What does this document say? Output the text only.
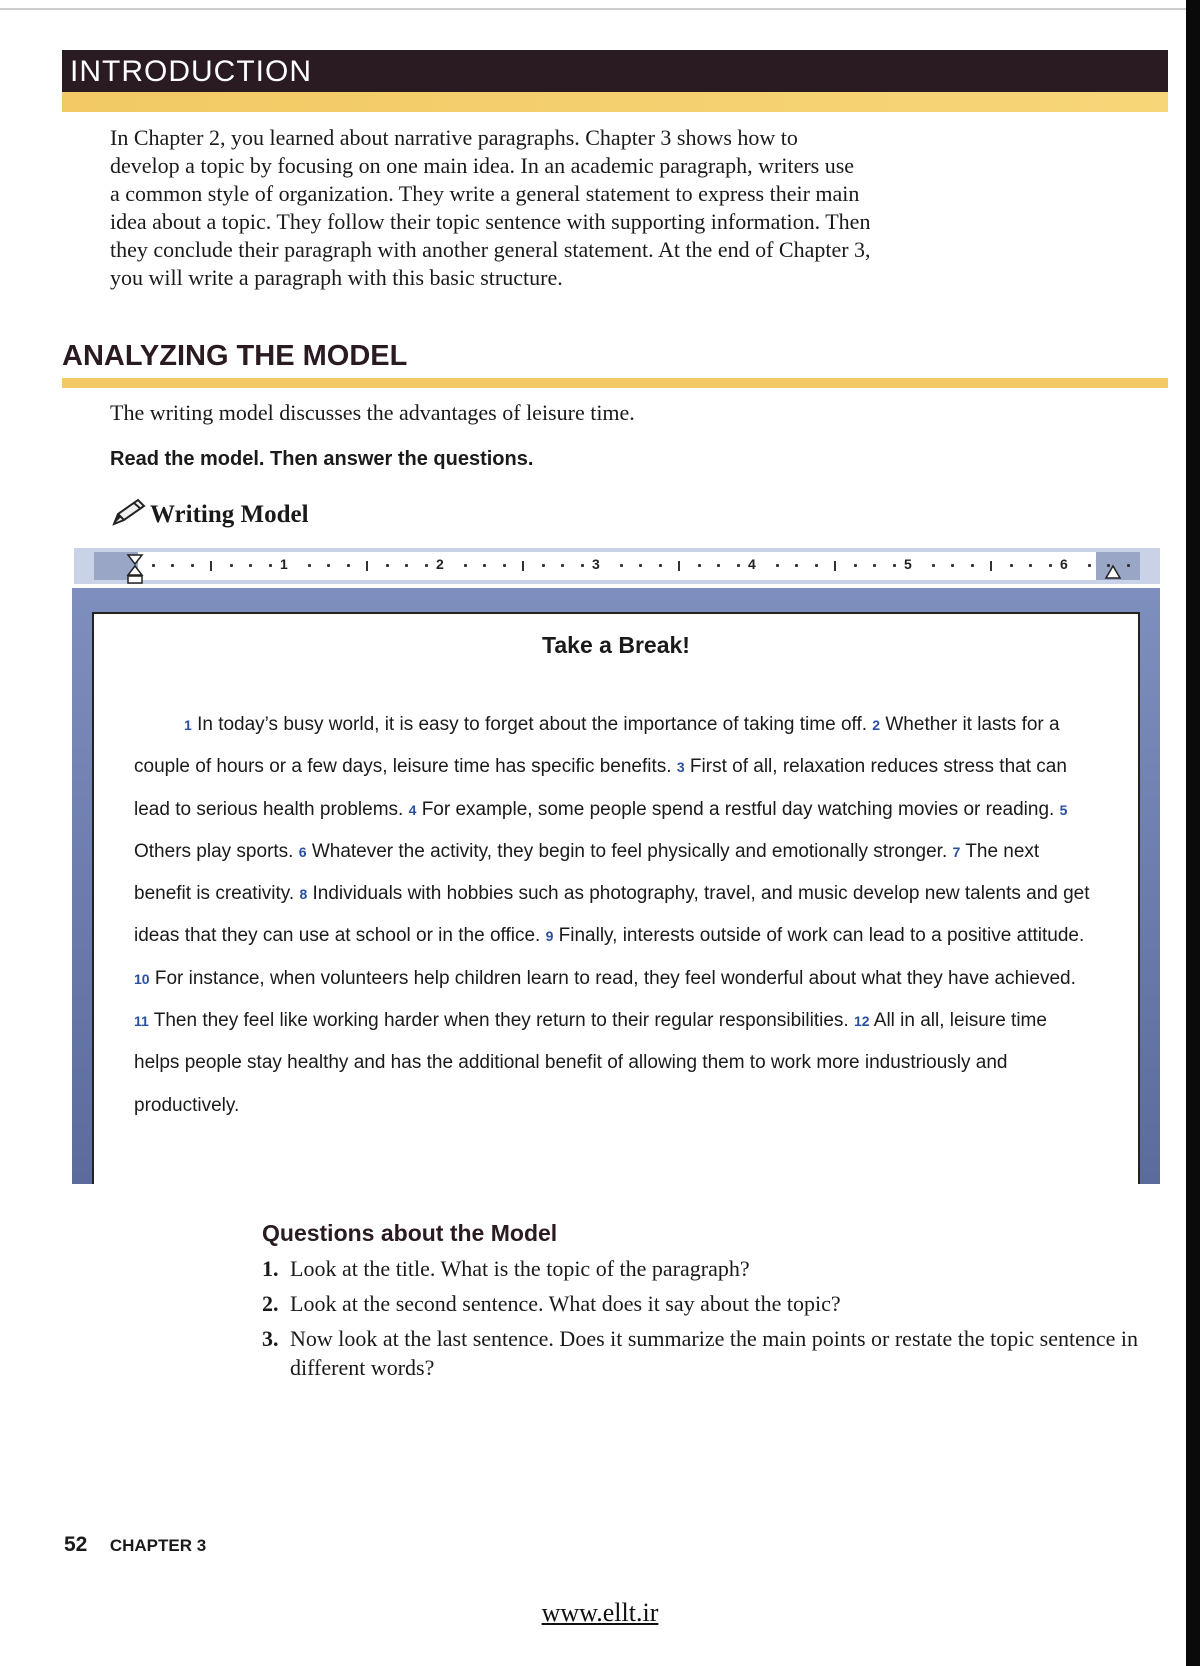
INTRODUCTION
In Chapter 2, you learned about narrative paragraphs. Chapter 3 shows how to
develop a topic by focusing on one main idea. In an academic paragraph, writers use
a common style of organization. They write a general statement to express their main
idea about a topic. They follow their topic sentence with supporting information. Then
they conclude their paragraph with another general statement. At the end of Chapter 3,
you will write a paragraph with this basic structure.
ANALYZING THE MODEL
The writing model discusses the advantages of leisure time.
Read the model. Then answer the questions.
Writing Model
1	2	3	4	5	6
Take a Break!
1 In today’s busy world, it is easy to forget about the importance of taking time off. 2 Whether it lasts for a couple of hours or a few days, leisure time has specific benefits. 3 First of all, relaxation reduces stress that can lead to serious health problems. 4 For example, some people spend a restful day watching movies or reading. 5 Others play sports. 6 Whatever the activity, they begin to feel physically and emotionally stronger. 7 The next benefit is creativity. 8 Individuals with hobbies such as photography, travel, and music develop new talents and get ideas that they can use at school or in the office. 9 Finally, interests outside of work can lead to a positive attitude. 10 For instance, when volunteers help children learn to read, they feel wonderful about what they have achieved. 11 Then they feel like working harder when they return to their regular responsibilities. 12 All in all, leisure time helps people stay healthy and has the additional benefit of allowing them to work more industriously and productively.
Questions about the Model
1. Look at the title. What is the topic of the paragraph?
2. Look at the second sentence. What does it say about the topic?
3. Now look at the last sentence. Does it summarize the main points or restate the topic sentence in different words?
52 CHAPTER 3
www.ellt.ir
